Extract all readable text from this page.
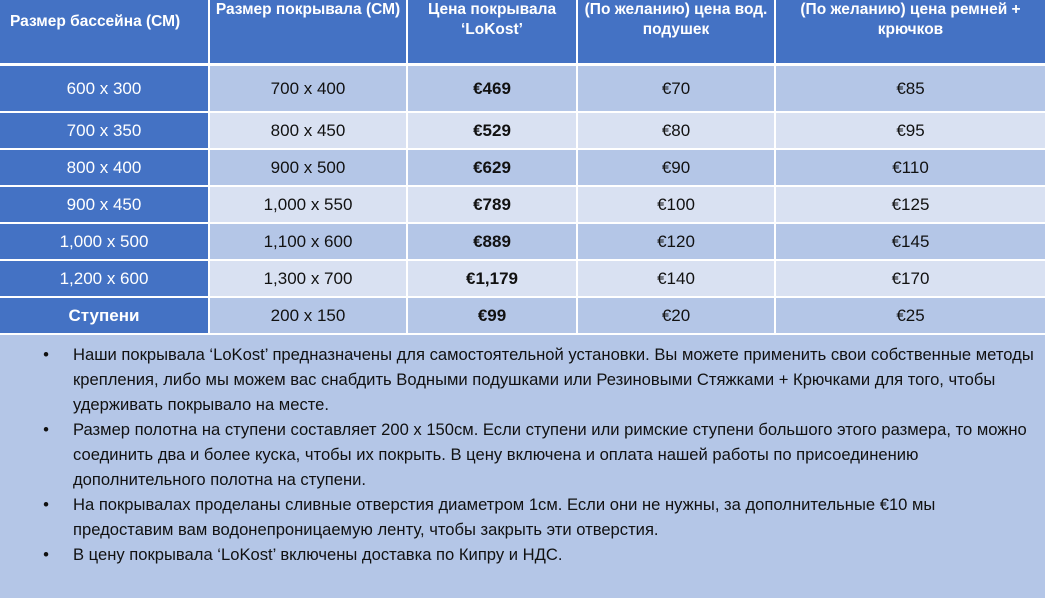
Размер бассейна (СМ)	Размер покрывала (СМ)	Цена покрывала ‘LoKost’	(По желанию) цена вод. подушек	(По желанию) цена ремней + крючков
600 x 300	700 x 400	€469	€70	€85
700 x 350	800 x 450	€529	€80	€95
800 x 400	900 x 500	€629	€90	€110
900 x 450	1,000 x 550	€789	€100	€125
1,000 x 500	1,100 x 600	€889	€120	€145
1,200 x 600	1,300 x 700	€1,179	€140	€170
Ступени	200 x 150	€99	€20	€25
• Наши покрывала ‘LoKost’ предназначены для самостоятельной установки. Вы можете применить свои собственные методы крепления, либо мы можем вас снабдить Водными подушками или Резиновыми Стяжками + Крючками для того, чтобы удерживать покрывало на месте.
• Размер полотна на ступени составляет 200 x 150см. Если ступени или римские ступени большого этого размера, то можно соединить два и более куска, чтобы их покрыть. В цену включена и оплата нашей работы по присоединению дополнительного полотна на ступени.
• На покрывалах проделаны сливные отверстия диаметром 1см. Если они не нужны, за дополнительные €10 мы предоставим вам водонепроницаемую ленту, чтобы закрыть эти отверстия.
• В цену покрывала ‘LoKost’ включены доставка по Кипру и НДС.
